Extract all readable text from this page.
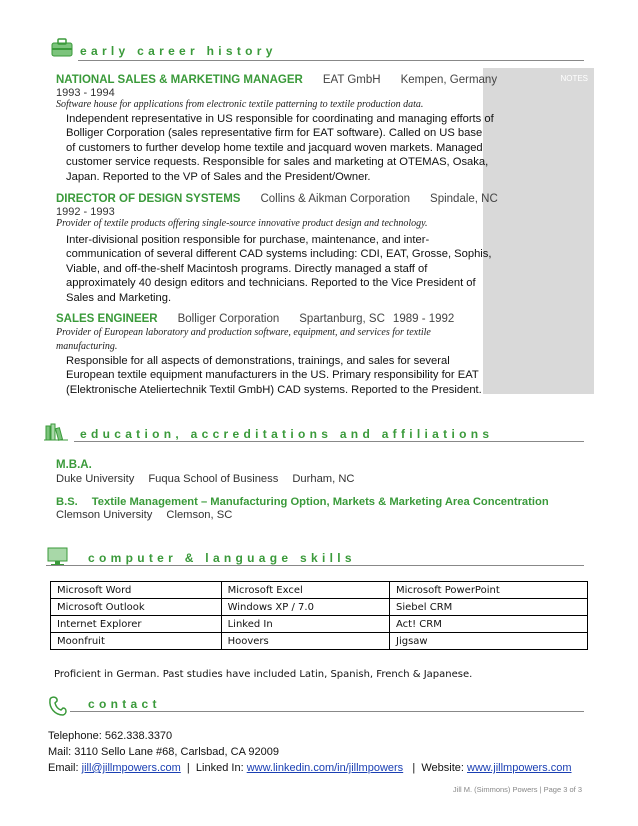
early career history
NOTES
NATIONAL SALES & MARKETING MANAGER EAT GmbH Kempen, Germany
1993 - 1994
Software house for applications from electronic textile patterning to textile production data.
Independent representative in US responsible for coordinating and managing efforts of
Bolliger Corporation (sales representative firm for EAT software). Called on US base
of customers to further develop home textile and jacquard woven markets. Managed
customer service requests. Responsible for sales and marketing at OTEMAS, Osaka,
Japan. Reported to the VP of Sales and the President/Owner.
DIRECTOR OF DESIGN SYSTEMS Collins & Aikman Corporation Spindale, NC
1992 - 1993
Provider of textile products offering single-source innovative product design and technology.
Inter-divisional position responsible for purchase, maintenance, and inter-
communication of several different CAD systems including: CDI, EAT, Grosse, Sophis,
Viable, and off-the-shelf Macintosh programs. Directly managed a staff of
approximately 40 design editors and technicians. Reported to the Vice President of
Sales and Marketing.
SALES ENGINEER Bolliger Corporation Spartanburg, SC 1989 - 1992
Provider of European laboratory and production software, equipment, and services for textile
manufacturing.
Responsible for all aspects of demonstrations, trainings, and sales for several
European textile equipment manufacturers in the US. Primary responsibility for EAT
(Elektronische Ateliertechnik Textil GmbH) CAD systems. Reported to the President.
education, accreditations and affiliations
M.B.A.
Duke University Fuqua School of Business Durham, NC
B.S. Textile Management – Manufacturing Option, Markets & Marketing Area Concentration
Clemson University Clemson, SC
computer & language skills
Microsoft Word	Microsoft Excel	Microsoft PowerPoint
Microsoft Outlook	Windows XP / 7.0	Siebel CRM
Internet Explorer	Linked In	Act! CRM
Moonfruit	Hoovers	Jigsaw
Proficient in German. Past studies have included Latin, Spanish, French & Japanese.
contact
Telephone: 562.338.3370
Mail: 3110 Sello Lane #68, Carlsbad, CA 92009
Email: jill@jillmpowers.com  |  Linked In: www.linkedin.com/in/jillmpowers   |  Website: www.jillmpowers.com
Jill M. (Simmons) Powers | Page 3 of 3
